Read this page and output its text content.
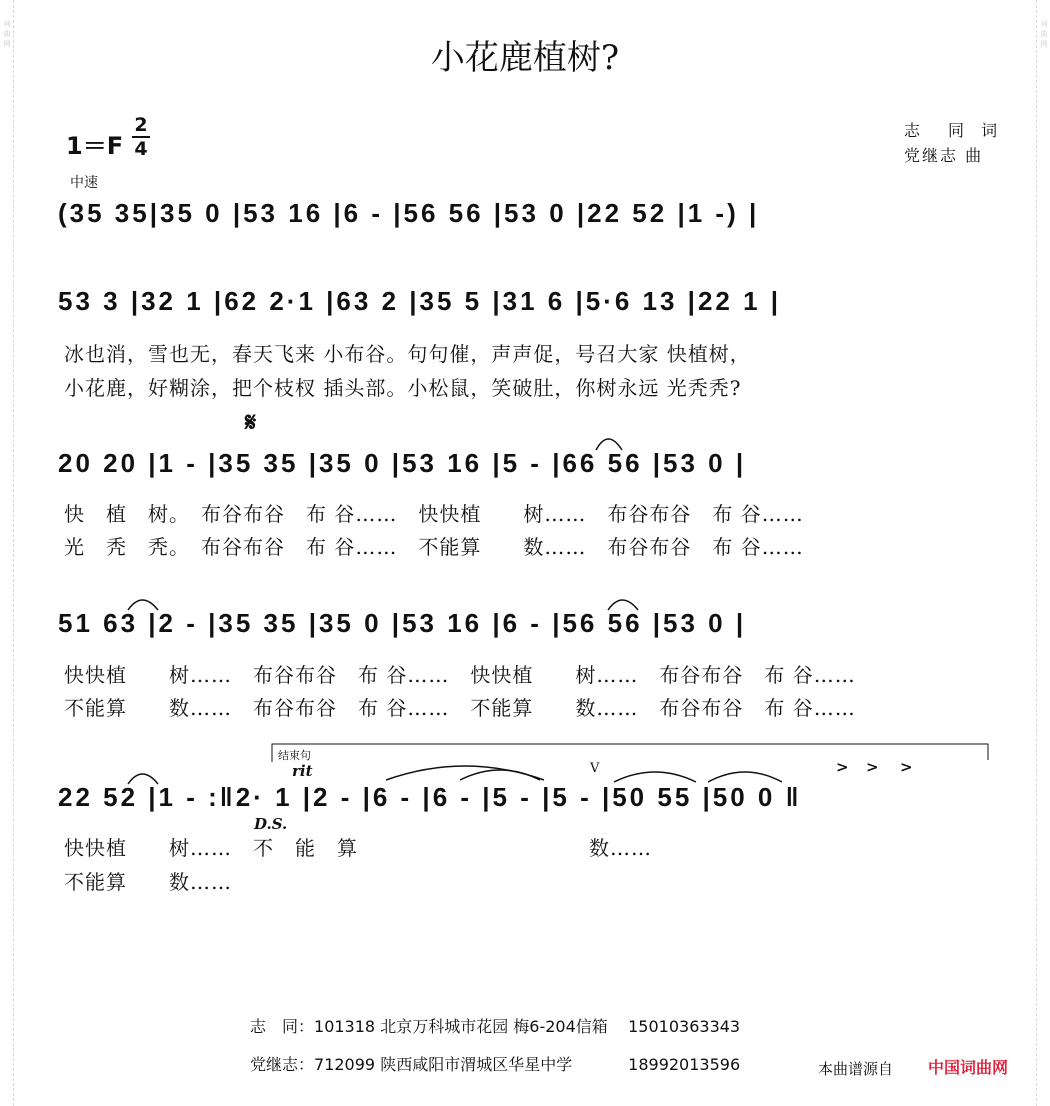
词
曲
网
词
曲
网
小花鹿植树?
1＝F
2
4
中速
志　同 词
党继志 曲
(35 35|35 0 |53 16 |6 - |56 56 |53 0 |22 52 |1 -) |
53 3 |32 1 |62 2·1 |63 2 |35 5 |31 6 |5·6 13 |22 1 |
冰也消，雪也无，春天飞来 小布谷。句句催，声声促，号召大家 快植树，
小花鹿，好糊涂，把个枝杈 插头部。小松鼠，笑破肚，你树永远 光秃秃?
𝄋
20 20 |1 - |35 35 |35 0 |53 16 |5 - |66 56 |53 0 |
快　植　树。　布谷布谷　布 谷……　快快植　　树……　布谷布谷　布 谷……
光　秃　秃。　布谷布谷　布 谷……　不能算　　数……　布谷布谷　布 谷……
51 63 |2 - |35 35 |35 0 |53 16 |6 - |56 56 |53 0 |
快快植　　树……　布谷布谷　布 谷……　快快植　　树……　布谷布谷　布 谷……
不能算　　数……　布谷布谷　布 谷……　不能算　　数……　布谷布谷　布 谷……
结束句
rit	V	> > >
22 52 |1 - :‖2· 1 |2 - |6 - |6 - |5 - |5 - |50 55 |50 0 ‖
D.S.
快快植　　树……　不　能　算　　　　　　　　　　　数……
不能算　　数……
志　同：101318 北京万科城市花园 梅6-204信箱 15010363343
党继志：712099 陕西咸阳市渭城区华星中学	18992013596	本曲谱源自 中国词曲网
